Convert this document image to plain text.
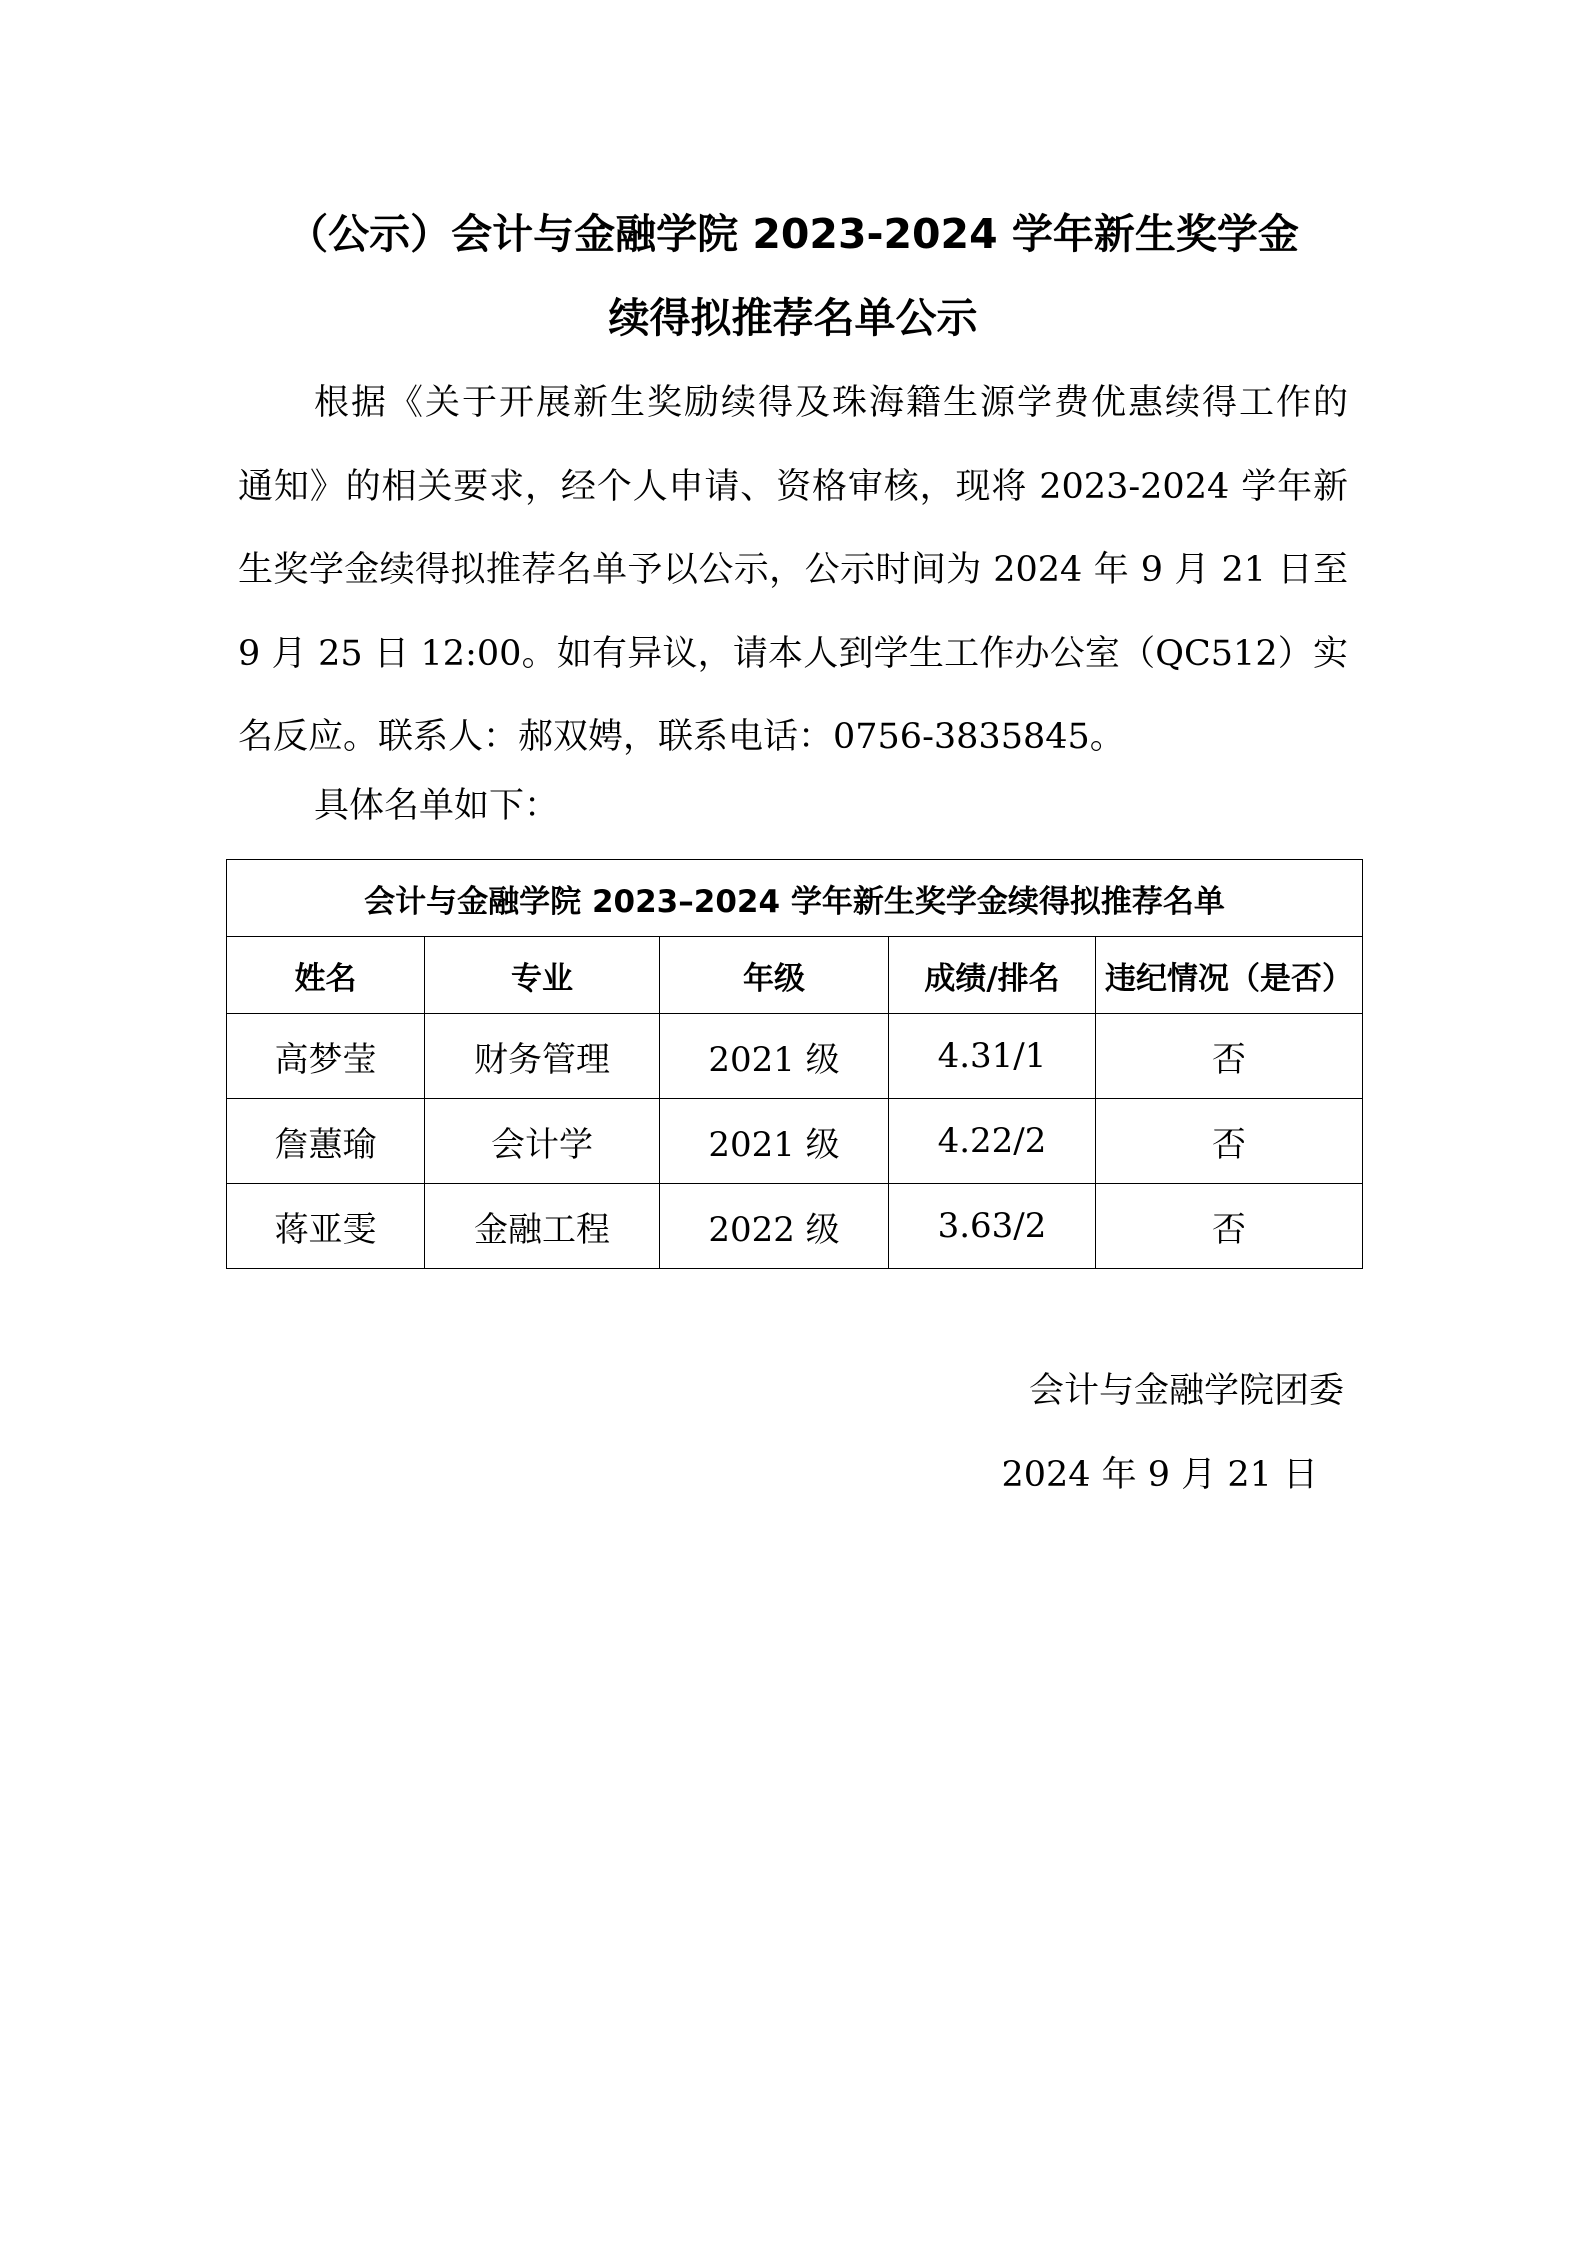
（公示）会计与金融学院 2023-2024 学年新生奖学金
续得拟推荐名单公示

根据《关于开展新生奖励续得及珠海籍生源学费优惠续得工作的
通知》的相关要求，经个人申请、资格审核，现将 2023-2024 学年新
生奖学金续得拟推荐名单予以公示，公示时间为 2024 年 9 月 21 日至
9 月 25 日 12:00。如有异议，请本人到学生工作办公室（QC512）实
名反应。联系人：郝双娉，联系电话：0756-3835845。

具体名单如下：

会计与金融学院 2023–2024 学年新生奖学金续得拟推荐名单				
姓名	专业	年级	成绩/排名	违纪情况（是否）
高梦莹	财务管理	2021 级	4.31/1	否
詹蕙瑜	会计学	2021 级	4.22/2	否
蒋亚雯	金融工程	2022 级	3.63/2	否

会计与金融学院团委

2024 年 9 月 21 日
